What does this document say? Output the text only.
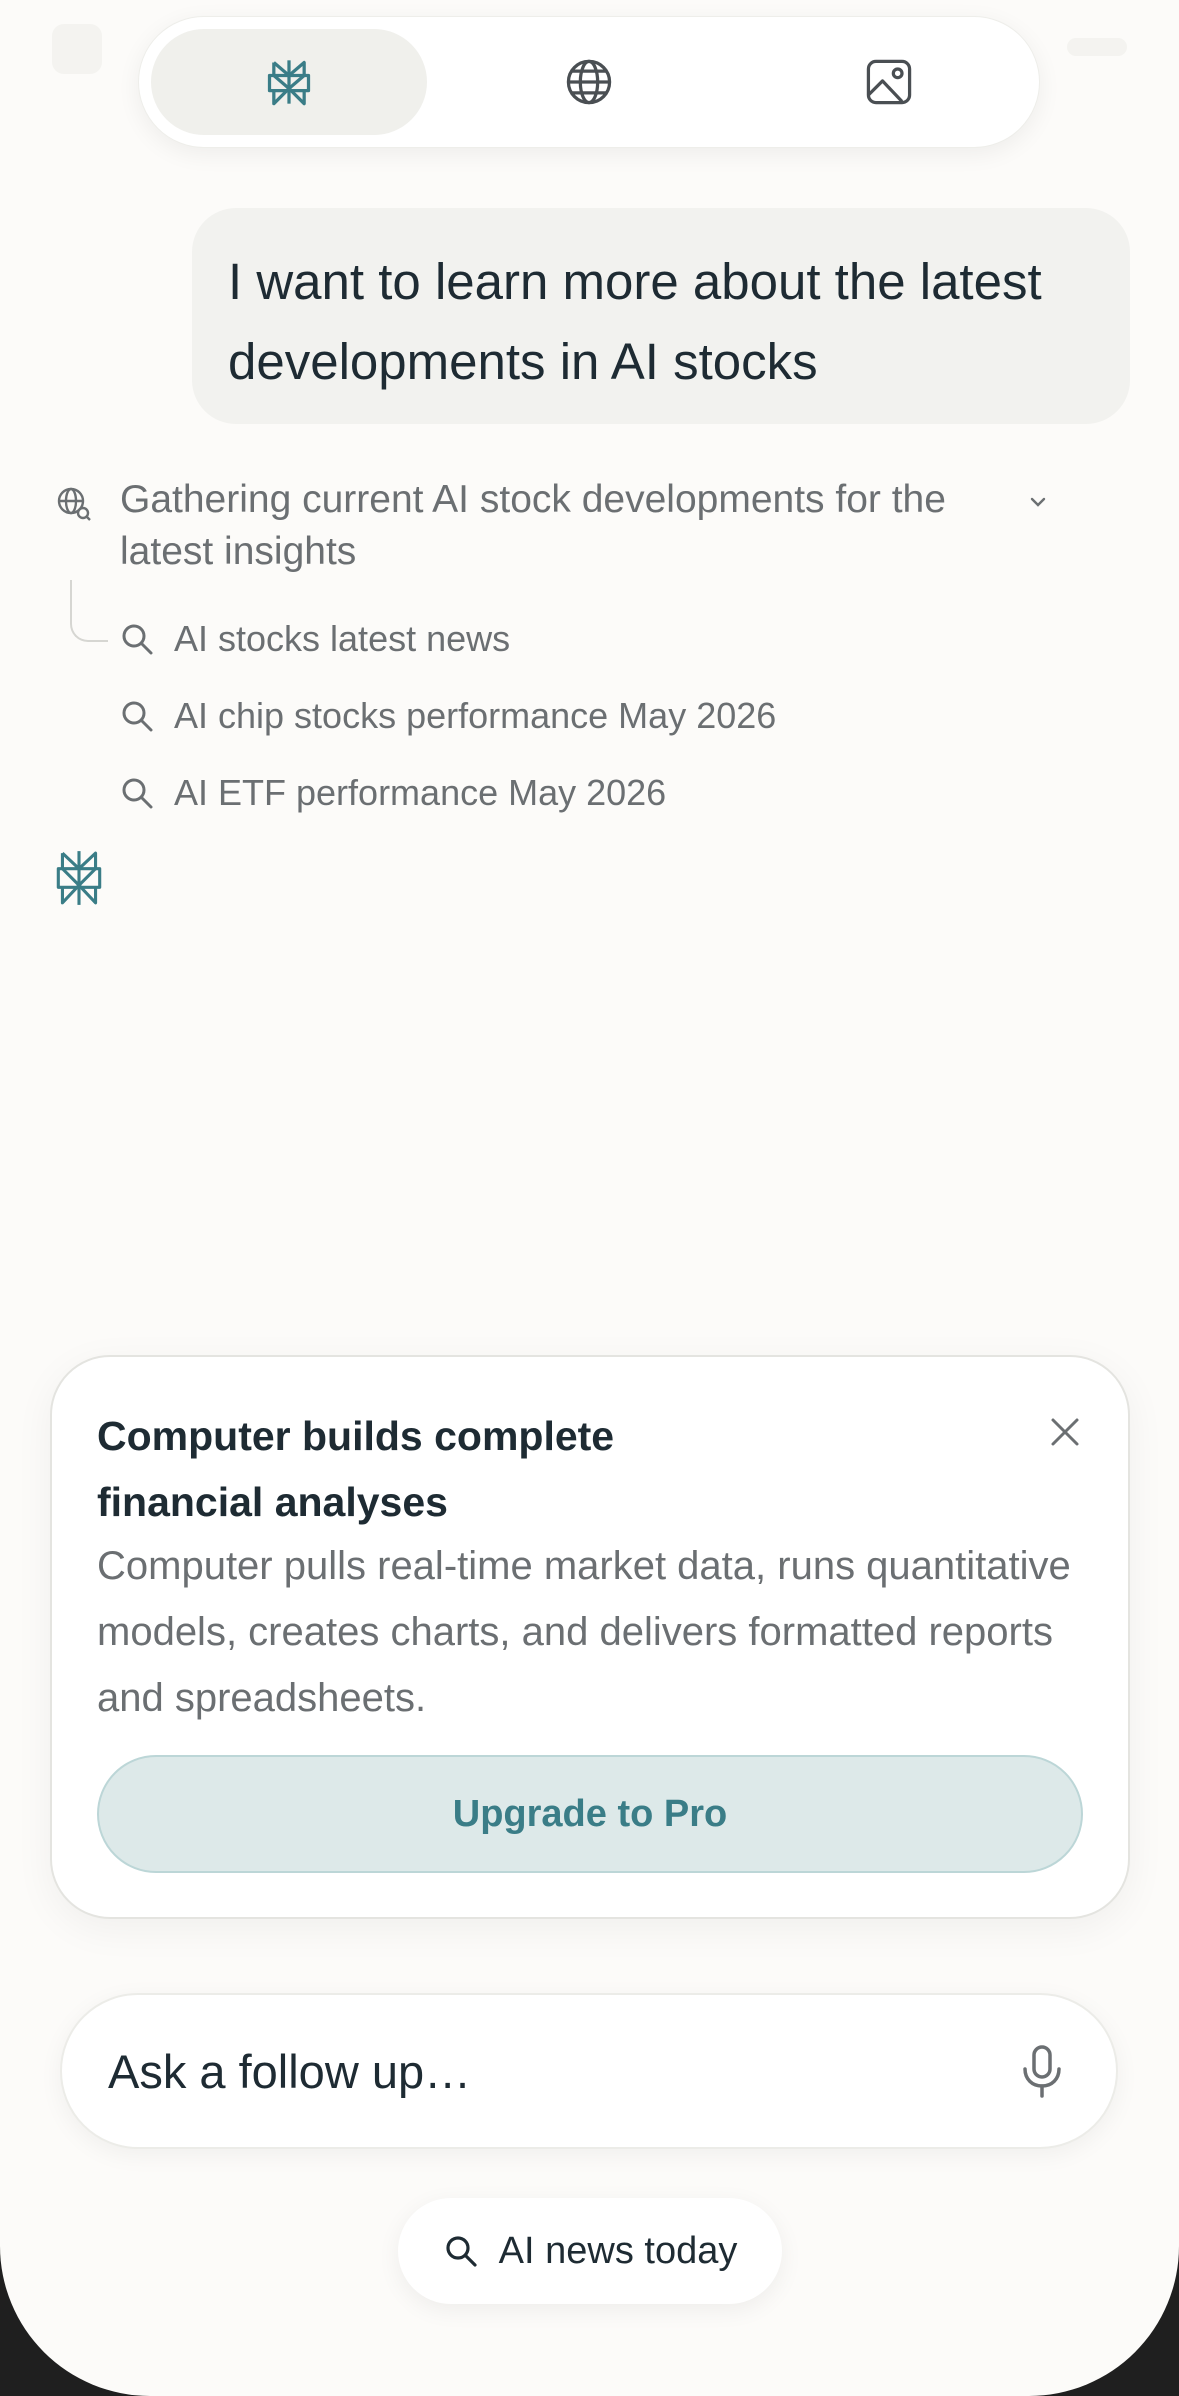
I want to learn more about the latest developments in AI stocks
Gathering current AI stock developments for the latest insights
AI stocks latest news
AI chip stocks performance May 2026
AI ETF performance May 2026
Computer builds complete financial analyses
Computer pulls real-time market data, runs quantitative models, creates charts, and delivers formatted reports and spreadsheets.
Upgrade to Pro
Ask a follow up…
AI news today
